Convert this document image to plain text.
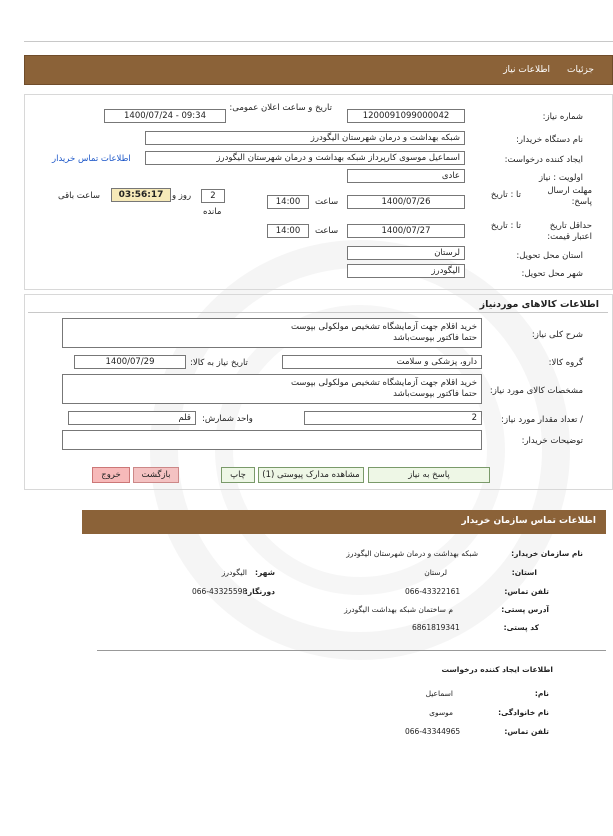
جزئیات
اطلاعات نیاز
شماره نیاز:
1200091099000042
تاریخ و ساعت اعلان عمومی:
1400/07/24 - 09:34
نام دستگاه خریدار:
شبکه بهداشت و درمان شهرستان الیگودرز
ایجاد کننده درخواست:
اسماعیل موسوی کارپرداز شبکه بهداشت و درمان شهرستان الیگودرز
اطلاعات تماس خریدار
اولویت : نیاز
عادی
مهلت ارسال پاسخ:
تا : تاریخ
1400/07/26
ساعت
14:00
2
روز و
مانده
03:56:17
ساعت باقی
حداقل تاریخ اعتبار قیمت:
تا : تاریخ
1400/07/27
ساعت
14:00
استان محل تحویل:
لرستان
شهر محل تحویل:
الیگودرز
اطلاعات کالاهای موردنیاز
شرح کلی نیاز:
خرید اقلام جهت آزمایشگاه تشخیص مولکولی بپوست
حتما فاکتور بپوست‌باشد
گروه کالا:
دارو، پزشکی و سلامت
تاریخ نیاز به کالا:
1400/07/29
مشخصات کالای مورد نیاز:
خرید اقلام جهت آزمایشگاه تشخیص مولکولی بپوست
حتما فاکتور بپوست‌باشد
/ تعداد مقدار مورد نیاز:
2
واحد شمارش:
قلم
توضیحات خریدار:
پاسخ به نیاز
مشاهده مدارک پیوستی (1)
چاپ
بازگشت
خروج
اطلاعات تماس سازمان خریدار
نام سازمان خریدار:
شبکه بهداشت و درمان شهرستان الیگودرز
استان:
لرستان
شهر:
الیگودرز
تلفن تماس:
066-43322161
دورنگار:
066-43325598
آدرس پستی:
م ساختمان شبکه بهداشت الیگودرز
کد پستی:
6861819341
اطلاعات ایجاد کننده درخواست
نام:
اسماعیل
نام خانوادگی:
موسوی
تلفن تماس:
066-43344965
